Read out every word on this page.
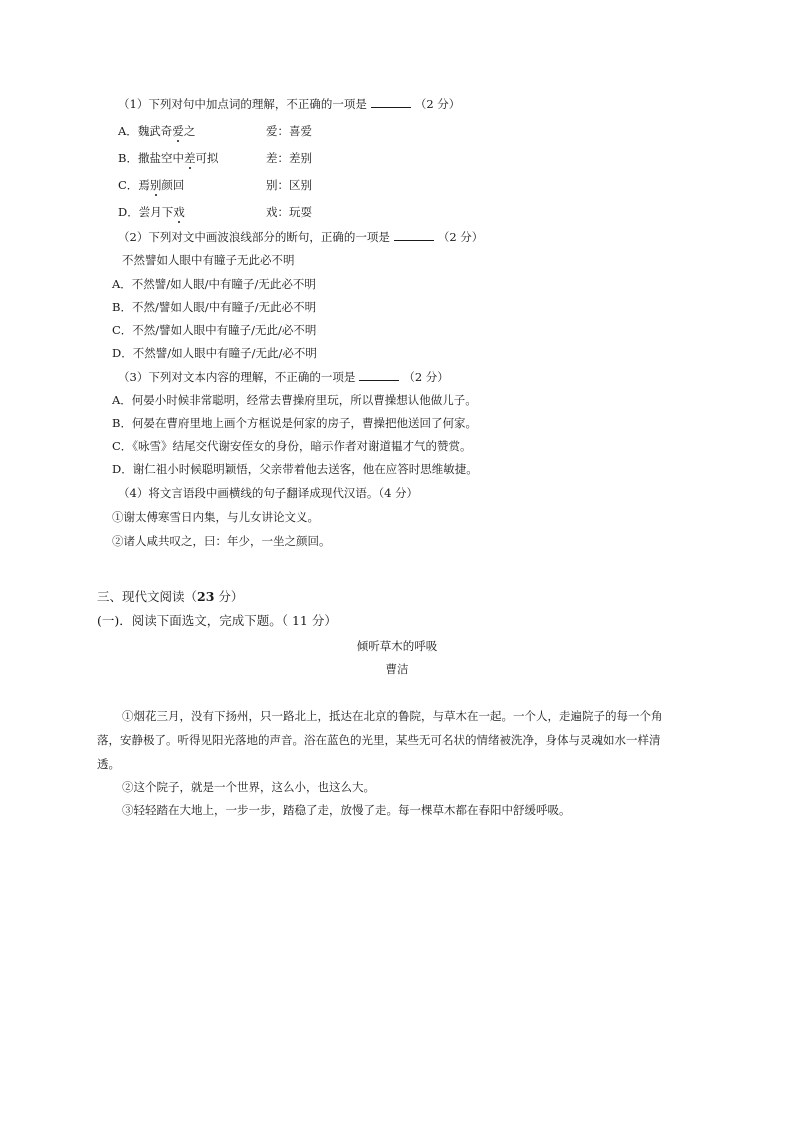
（1）下列对句中加点词的理解，不正确的一项是	（2 分）
A．魏武奇爱之	爱：喜爱
B．撒盐空中差可拟	差：差别
C．焉别颜回	别：区别
D．尝月下戏	戏：玩耍
（2）下列对文中画波浪线部分的断句，正确的一项是	（2 分）
不然譬如人眼中有瞳子无此必不明
A．不然譬/如人眼/中有瞳子/无此必不明
B．不然/譬如人眼/中有瞳子/无此必不明
C．不然/譬如人眼中有瞳子/无此/必不明
D．不然譬/如人眼中有瞳子/无此/必不明
（3）下列对文本内容的理解，不正确的一项是	（2 分）
A．何晏小时候非常聪明，经常去曹操府里玩，所以曹操想认他做儿子。
B．何晏在曹府里地上画个方框说是何家的房子，曹操把他送回了何家。
C．《咏雪》结尾交代谢安侄女的身份，暗示作者对谢道韫才气的赞赏。
D．谢仁祖小时候聪明颖悟，父亲带着他去送客，他在应答时思维敏捷。
（4）将文言语段中画横线的句子翻译成现代汉语。（4 分）
①谢太傅寒雪日内集，与儿女讲论文义。
②诸人咸共叹之，曰：年少，一坐之颜回。
三、现代文阅读（23 分）
(一)．阅读下面选文，完成下题。（ 11 分）
倾听草木的呼吸
曹洁
①烟花三月，没有下扬州，只一路北上，抵达在北京的鲁院，与草木在一起。一个人，走遍院子的每一个角
落，安静极了。听得见阳光落地的声音。浴在蓝色的光里，某些无可名状的情绪被洗净，身体与灵魂如水一样清
透。
②这个院子，就是一个世界，这么小，也这么大。
③轻轻踏在大地上，一步一步，踏稳了走，放慢了走。每一棵草木都在春阳中舒缓呼吸。
